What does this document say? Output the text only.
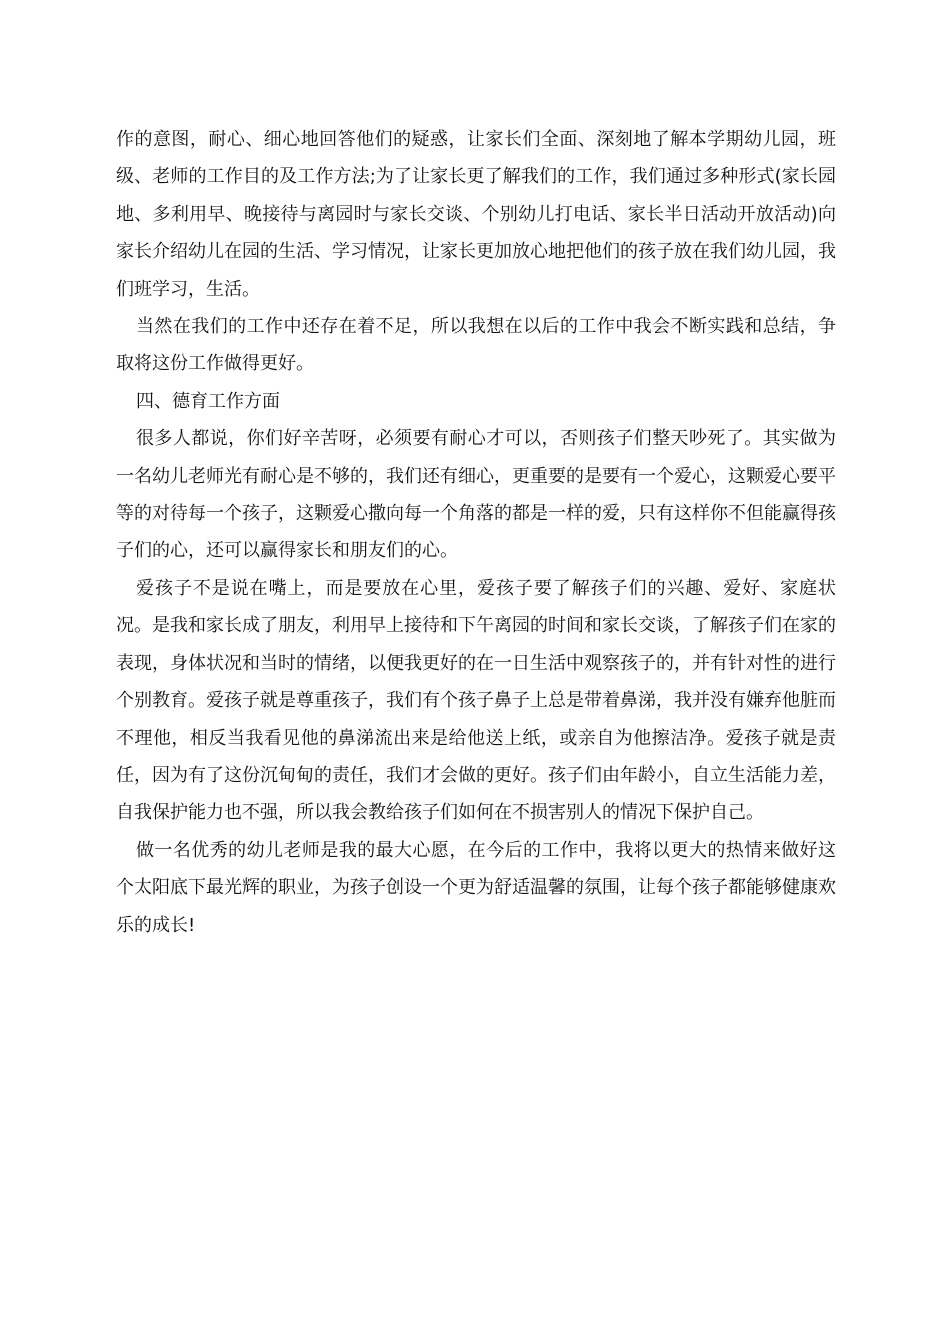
作的意图，耐心、细心地回答他们的疑惑，让家长们全面、深刻地了解本学期幼儿园，班级、老师的工作目的及工作方法;为了让家长更了解我们的工作，我们通过多种形式(家长园地、多利用早、晚接待与离园时与家长交谈、个别幼儿打电话、家长半日活动开放活动)向家长介绍幼儿在园的生活、学习情况，让家长更加放心地把他们的孩子放在我们幼儿园，我们班学习，生活。

当然在我们的工作中还存在着不足，所以我想在以后的工作中我会不断实践和总结，争取将这份工作做得更好。

四、德育工作方面

很多人都说，你们好辛苦呀，必须要有耐心才可以，否则孩子们整天吵死了。其实做为一名幼儿老师光有耐心是不够的，我们还有细心，更重要的是要有一个爱心，这颗爱心要平等的对待每一个孩子，这颗爱心撒向每一个角落的都是一样的爱，只有这样你不但能赢得孩子们的心，还可以赢得家长和朋友们的心。

爱孩子不是说在嘴上，而是要放在心里，爱孩子要了解孩子们的兴趣、爱好、家庭状况。是我和家长成了朋友，利用早上接待和下午离园的时间和家长交谈，了解孩子们在家的表现，身体状况和当时的情绪，以便我更好的在一日生活中观察孩子的，并有针对性的进行个别教育。爱孩子就是尊重孩子，我们有个孩子鼻子上总是带着鼻涕，我并没有嫌弃他脏而不理他，相反当我看见他的鼻涕流出来是给他送上纸，或亲自为他擦洁净。爱孩子就是责任，因为有了这份沉甸甸的责任，我们才会做的更好。孩子们由年龄小，自立生活能力差，自我保护能力也不强，所以我会教给孩子们如何在不损害别人的情况下保护自己。

做一名优秀的幼儿老师是我的最大心愿，在今后的工作中，我将以更大的热情来做好这个太阳底下最光辉的职业，为孩子创设一个更为舒适温馨的氛围，让每个孩子都能够健康欢乐的成长!
